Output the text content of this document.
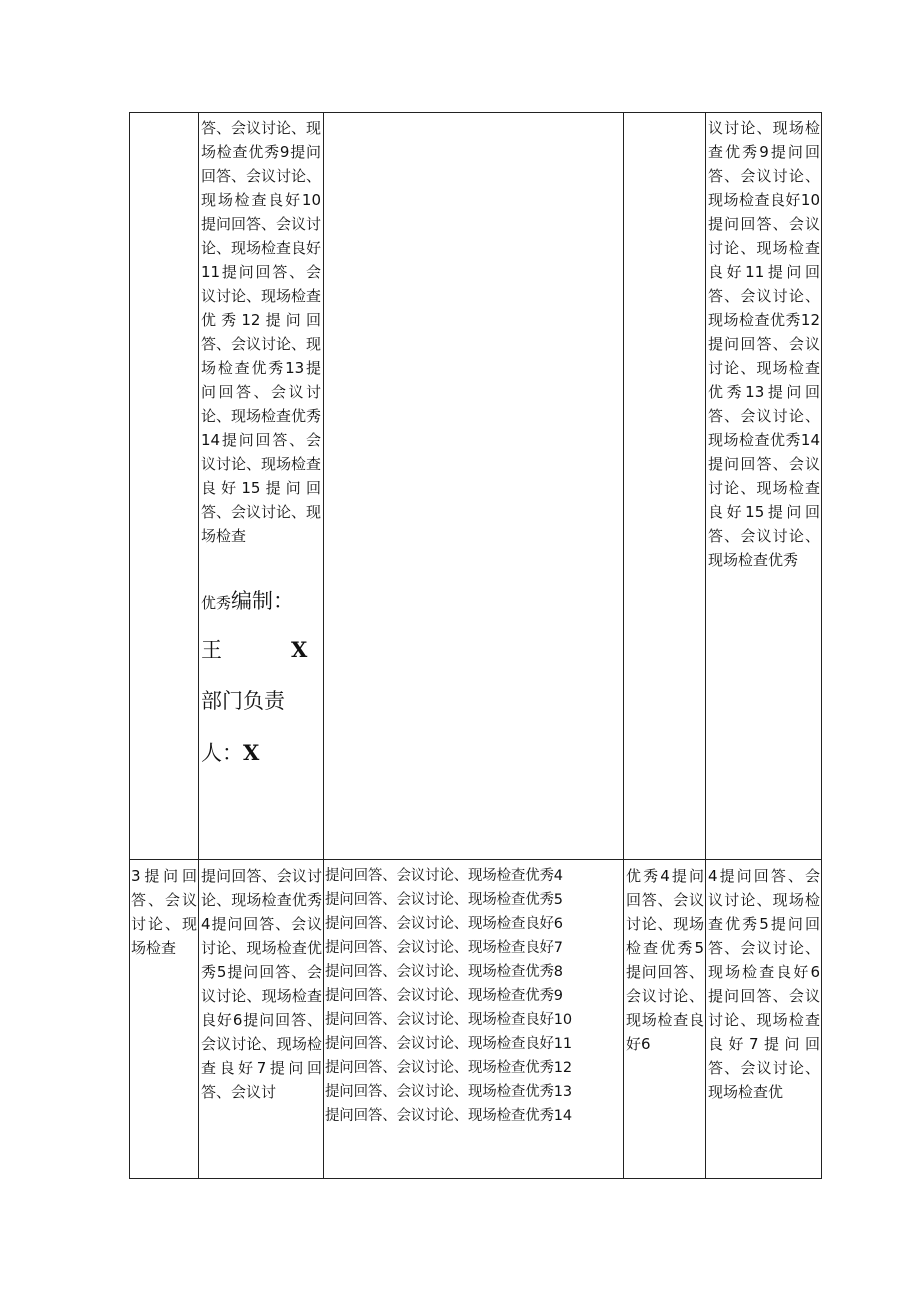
答、会议讨论、现场检查优秀9提问回答、会议讨论、现场检查良好10提问回答、会议讨论、现场检查良好11提问回答、会议讨论、现场检查优秀12提问回答、会议讨论、现场检查优秀13提问回答、会议讨论、现场检查优秀14提问回答、会议讨论、现场检查良好15提问回答、会议讨论、现场检查
优秀编制：
王	X
部门负责
人：X
议讨论、现场检查优秀9提问回答、会议讨论、现场检查良好10提问回答、会议讨论、现场检查良好11提问回答、会议讨论、现场检查优秀12提问回答、会议讨论、现场检查优秀13提问回答、会议讨论、现场检查优秀14提问回答、会议讨论、现场检查良好15提问回答、会议讨论、现场检查优秀
3提问回答、会议讨论、现场检查
提问回答、会议讨论、现场检查优秀4提问回答、会议讨论、现场检查优秀5提问回答、会议讨论、现场检查良好6提问回答、会议讨论、现场检查良好7提问回答、会议讨
提问回答、会议讨论、现场检查优秀4
提问回答、会议讨论、现场检查优秀5
提问回答、会议讨论、现场检查良好6
提问回答、会议讨论、现场检查良好7
提问回答、会议讨论、现场检查优秀8
提问回答、会议讨论、现场检查优秀9
提问回答、会议讨论、现场检查良好10
提问回答、会议讨论、现场检查良好11
提问回答、会议讨论、现场检查优秀12
提问回答、会议讨论、现场检查优秀13
提问回答、会议讨论、现场检查优秀14
优秀4提问回答、会议讨论、现场检查优秀5提问回答、会议讨论、现场检查良好6
4提问回答、会议讨论、现场检查优秀5提问回答、会议讨论、现场检查良好6提问回答、会议讨论、现场检查良好7提问回答、会议讨论、现场检查优
